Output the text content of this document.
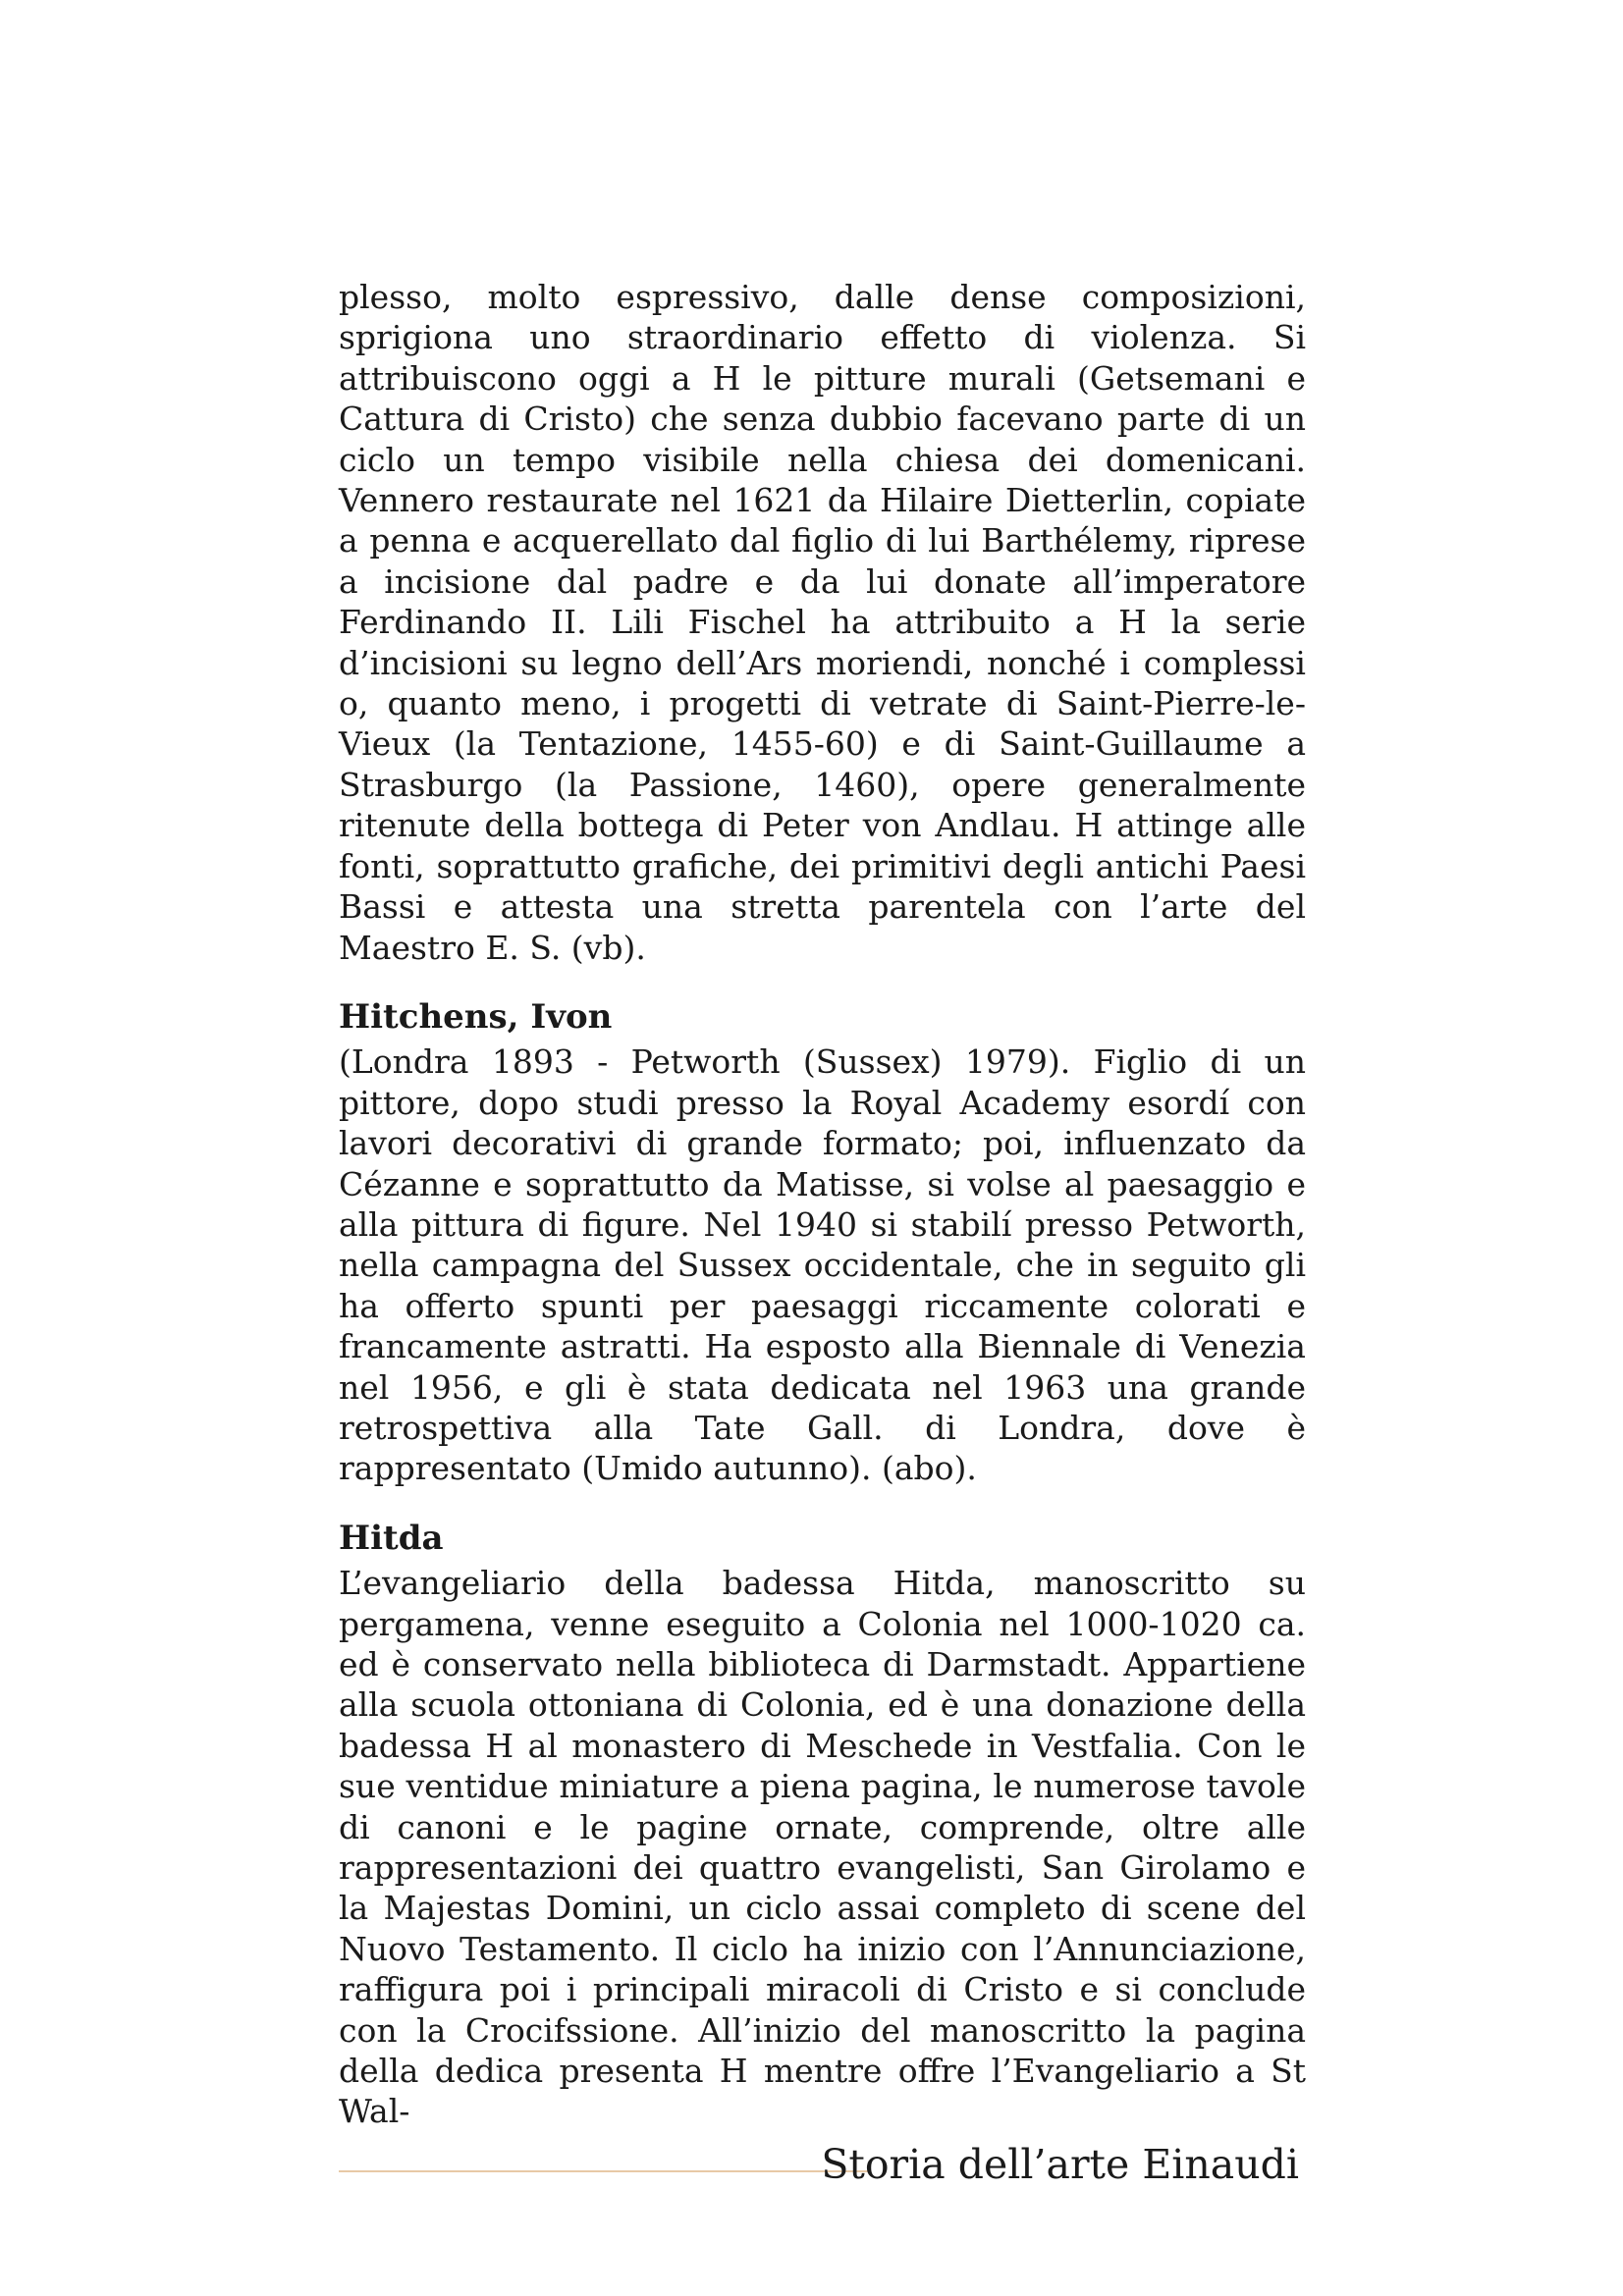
plesso, molto espressivo, dalle dense composizioni, sprigiona uno straordinario effetto di violenza. Si attribuiscono oggi a H le pitture murali (Getsemani e Cattura di Cristo) che senza dubbio facevano parte di un ciclo un tempo visibile nella chiesa dei domenicani. Vennero restaurate nel 1621 da Hilaire Dietterlin, copiate a penna e acquerellato dal figlio di lui Barthélemy, riprese a incisione dal padre e da lui donate all’imperatore Ferdinando II. Lili Fischel ha attribuito a H la serie d’incisioni su legno dell’Ars moriendi, nonché i complessi o, quanto meno, i progetti di vetrate di Saint-Pierre-le-Vieux (la Tentazione, 1455-60) e di Saint-Guillaume a Strasburgo (la Passione, 1460), opere generalmente ritenute della bottega di Peter von Andlau. H attinge alle fonti, soprattutto grafiche, dei primitivi degli antichi Paesi Bassi e attesta una stretta parentela con l’arte del Maestro E. S. (vb).

Hitchens, Ivon

(Londra 1893 - Petworth (Sussex) 1979). Figlio di un pittore, dopo studi presso la Royal Academy esordí con lavori decorativi di grande formato; poi, influenzato da Cézanne e soprattutto da Matisse, si volse al paesaggio e alla pittura di figure. Nel 1940 si stabilí presso Petworth, nella campagna del Sussex occidentale, che in seguito gli ha offerto spunti per paesaggi riccamente colorati e francamente astratti. Ha esposto alla Biennale di Venezia nel 1956, e gli è stata dedicata nel 1963 una grande retrospettiva alla Tate Gall. di Londra, dove è rappresentato (Umido autunno). (abo).

Hitda

L’evangeliario della badessa Hitda, manoscritto su pergamena, venne eseguito a Colonia nel 1000-1020 ca. ed è conservato nella biblioteca di Darmstadt. Appartiene alla scuola ottoniana di Colonia, ed è una donazione della badessa H al monastero di Meschede in Vestfalia. Con le sue ventidue miniature a piena pagina, le numerose tavole di canoni e le pagine ornate, comprende, oltre alle rappresentazioni dei quattro evangelisti, San Girolamo e la Majestas Domini, un ciclo assai completo di scene del Nuovo Testamento. Il ciclo ha inizio con l’Annunciazione, raffigura poi i principali miracoli di Cristo e si conclude con la Crocifssione. All’inizio del manoscritto la pagina della dedica presenta H mentre offre l’Evangeliario a St Wal-

Storia dell’arte Einaudi
